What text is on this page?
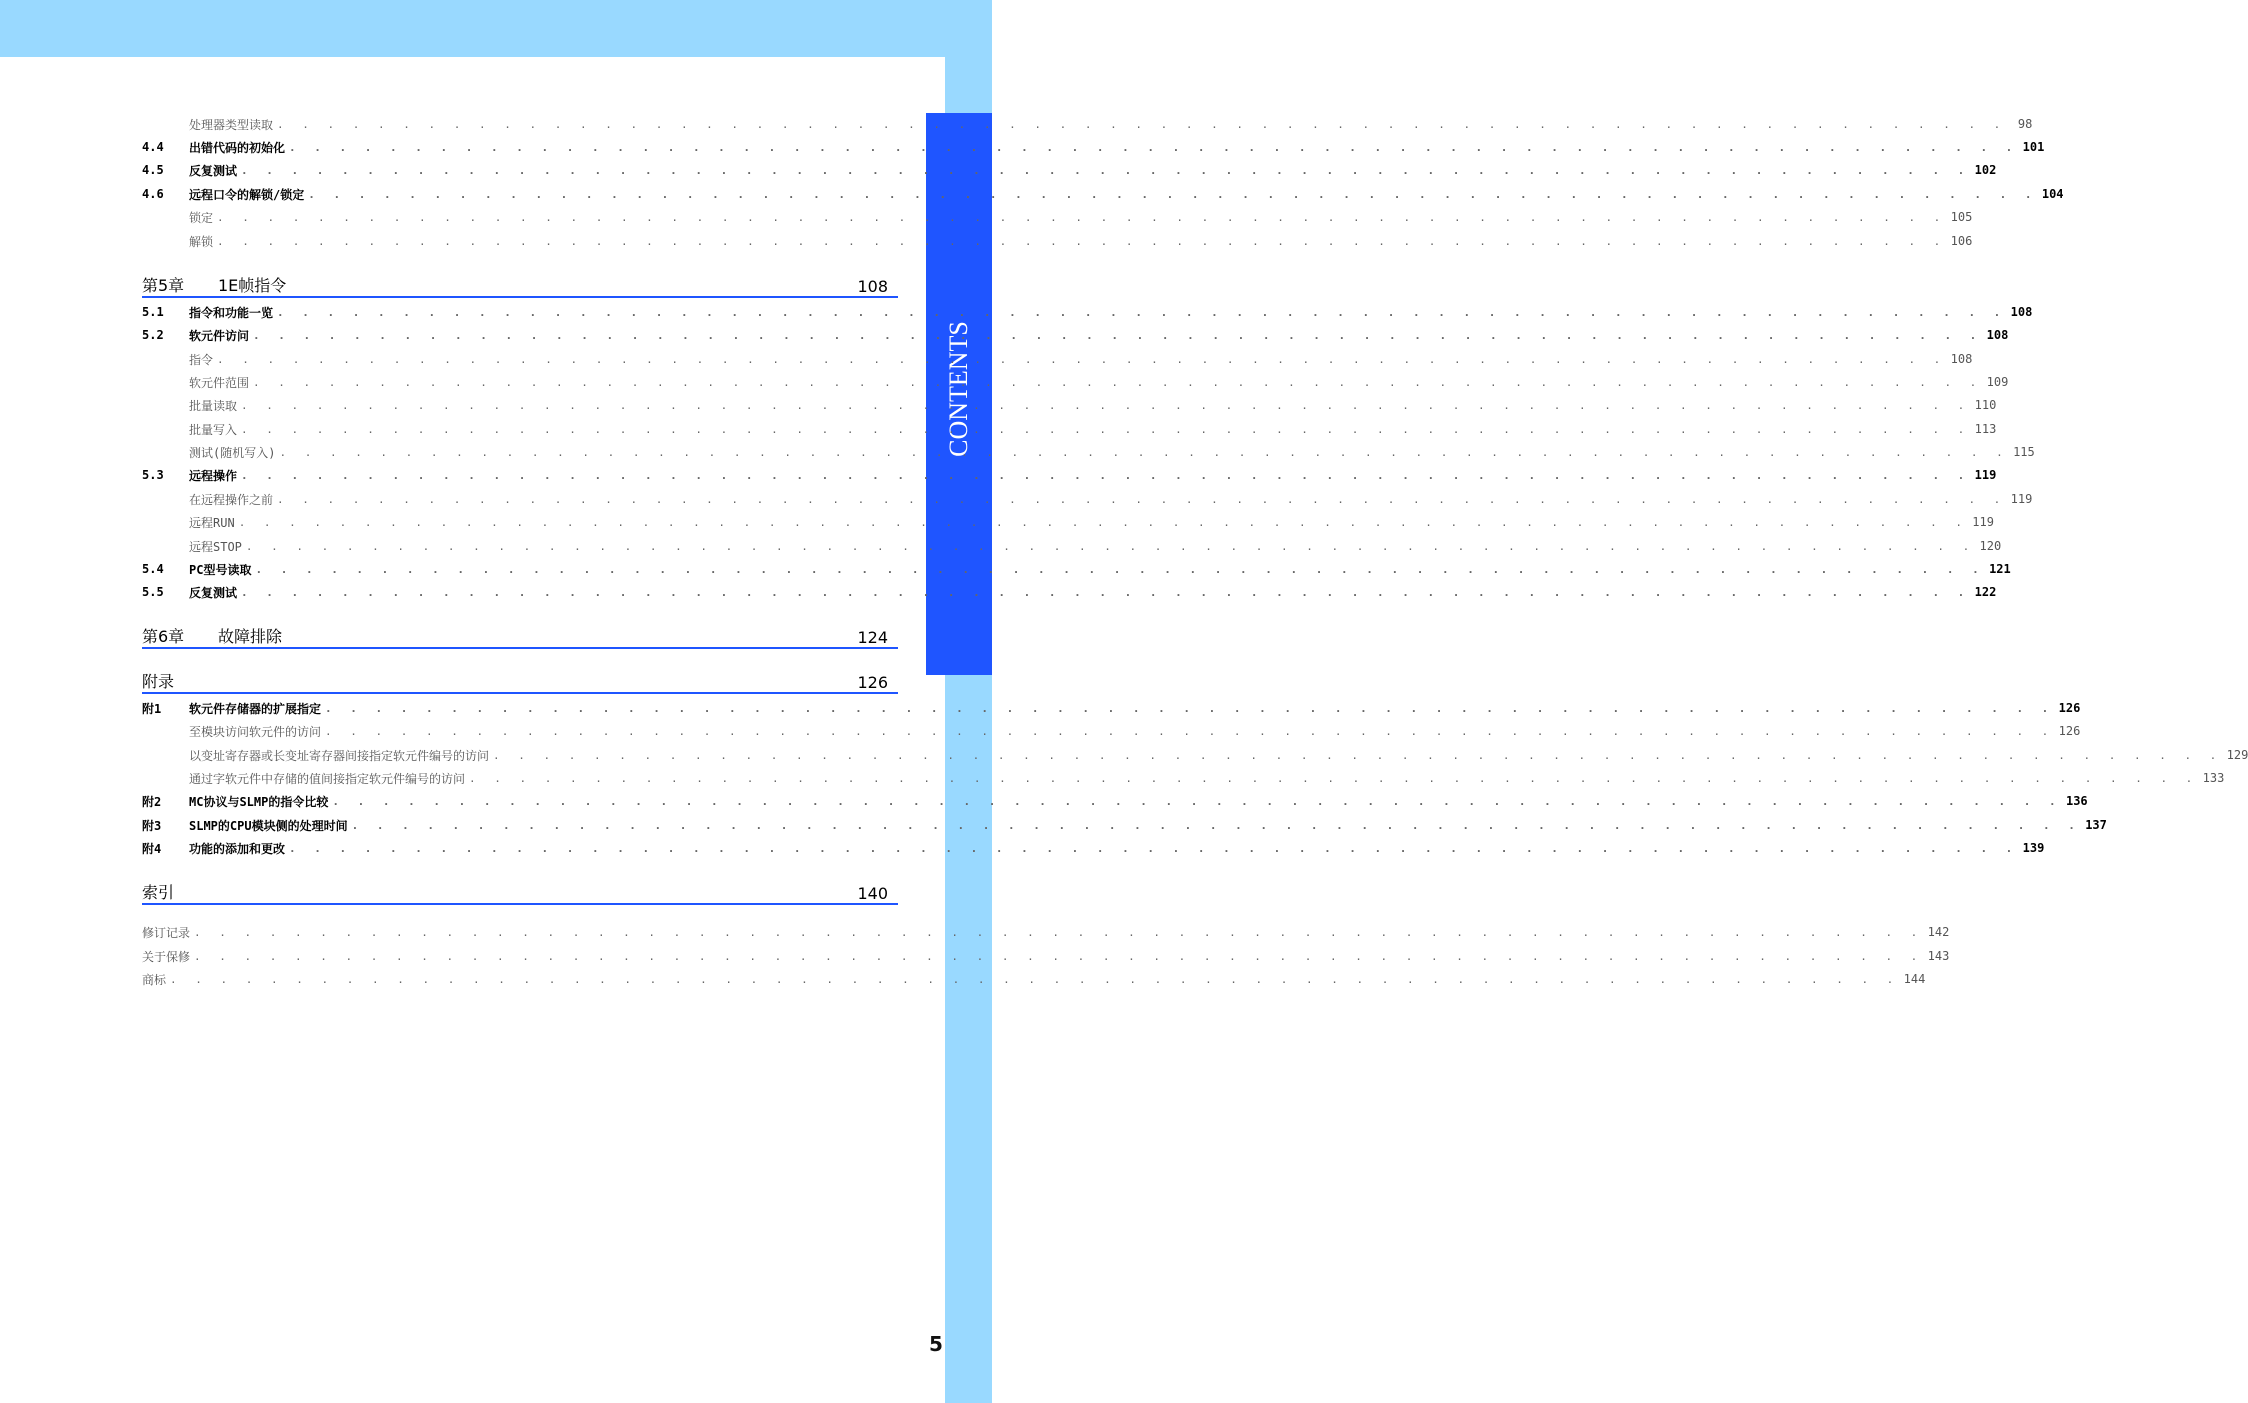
CONTENTS
处理器类型读取 . . . . . . . . . . . . . . . . . . . . . . . . . . . . . . . . . . . . . . . . . . . . . . . . . . . . . . . . . . . . . . . . . . . . . 98
4.4	出错代码的初始化 . . . . . . . . . . . . . . . . . . . . . . . . . . . . . . . . . . . . . . . . . . . . . . . . . . . . . . . . . . . . . . . . . . . . . 101
4.5	反复测试 . . . . . . . . . . . . . . . . . . . . . . . . . . . . . . . . . . . . . . . . . . . . . . . . . . . . . . . . . . . . . . . . . . . . . 102
4.6	远程口令的解锁/锁定 . . . . . . . . . . . . . . . . . . . . . . . . . . . . . . . . . . . . . . . . . . . . . . . . . . . . . . . . . . . . . . . . . . . . . 104
锁定 . . . . . . . . . . . . . . . . . . . . . . . . . . . . . . . . . . . . . . . . . . . . . . . . . . . . . . . . . . . . . . . . . . . . . 105
解锁 . . . . . . . . . . . . . . . . . . . . . . . . . . . . . . . . . . . . . . . . . . . . . . . . . . . . . . . . . . . . . . . . . . . . . 106
第5章	1E帧指令	108
5.1	指令和功能一览 . . . . . . . . . . . . . . . . . . . . . . . . . . . . . . . . . . . . . . . . . . . . . . . . . . . . . . . . . . . . . . . . . . . . . 108
5.2	软元件访问 . . . . . . . . . . . . . . . . . . . . . . . . . . . . . . . . . . . . . . . . . . . . . . . . . . . . . . . . . . . . . . . . . . . . . 108
指令 . . . . . . . . . . . . . . . . . . . . . . . . . . . . . . . . . . . . . . . . . . . . . . . . . . . . . . . . . . . . . . . . . . . . . 108
软元件范围 . . . . . . . . . . . . . . . . . . . . . . . . . . . . . . . . . . . . . . . . . . . . . . . . . . . . . . . . . . . . . . . . . . . . . 109
批量读取 . . . . . . . . . . . . . . . . . . . . . . . . . . . . . . . . . . . . . . . . . . . . . . . . . . . . . . . . . . . . . . . . . . . . . 110
批量写入 . . . . . . . . . . . . . . . . . . . . . . . . . . . . . . . . . . . . . . . . . . . . . . . . . . . . . . . . . . . . . . . . . . . . . 113
测试(随机写入) . . . . . . . . . . . . . . . . . . . . . . . . . . . . . . . . . . . . . . . . . . . . . . . . . . . . . . . . . . . . . . . . . . . . . 115
5.3	远程操作 . . . . . . . . . . . . . . . . . . . . . . . . . . . . . . . . . . . . . . . . . . . . . . . . . . . . . . . . . . . . . . . . . . . . . 119
在远程操作之前 . . . . . . . . . . . . . . . . . . . . . . . . . . . . . . . . . . . . . . . . . . . . . . . . . . . . . . . . . . . . . . . . . . . . . 119
远程RUN . . . . . . . . . . . . . . . . . . . . . . . . . . . . . . . . . . . . . . . . . . . . . . . . . . . . . . . . . . . . . . . . . . . . . 119
远程STOP . . . . . . . . . . . . . . . . . . . . . . . . . . . . . . . . . . . . . . . . . . . . . . . . . . . . . . . . . . . . . . . . . . . . . 120
5.4	PC型号读取 . . . . . . . . . . . . . . . . . . . . . . . . . . . . . . . . . . . . . . . . . . . . . . . . . . . . . . . . . . . . . . . . . . . . . 121
5.5	反复测试 . . . . . . . . . . . . . . . . . . . . . . . . . . . . . . . . . . . . . . . . . . . . . . . . . . . . . . . . . . . . . . . . . . . . . 122
第6章	故障排除	124
附录	126
附1	软元件存储器的扩展指定 . . . . . . . . . . . . . . . . . . . . . . . . . . . . . . . . . . . . . . . . . . . . . . . . . . . . . . . . . . . . . . . . . . . . . 126
至模块访问软元件的访问 . . . . . . . . . . . . . . . . . . . . . . . . . . . . . . . . . . . . . . . . . . . . . . . . . . . . . . . . . . . . . . . . . . . . . 126
以变址寄存器或长变址寄存器间接指定软元件编号的访问 . . . . . . . . . . . . . . . . . . . . . . . . . . . . . . . . . . . . . . . . . . . . . . . . . . . . . . . . . . . . . . . . . . . . . 129
通过字软元件中存储的值间接指定软元件编号的访问 . . . . . . . . . . . . . . . . . . . . . . . . . . . . . . . . . . . . . . . . . . . . . . . . . . . . . . . . . . . . . . . . . . . . . 133
附2	MC协议与SLMP的指令比较 . . . . . . . . . . . . . . . . . . . . . . . . . . . . . . . . . . . . . . . . . . . . . . . . . . . . . . . . . . . . . . . . . . . . . 136
附3	SLMP的CPU模块侧的处理时间 . . . . . . . . . . . . . . . . . . . . . . . . . . . . . . . . . . . . . . . . . . . . . . . . . . . . . . . . . . . . . . . . . . . . . 137
附4	功能的添加和更改 . . . . . . . . . . . . . . . . . . . . . . . . . . . . . . . . . . . . . . . . . . . . . . . . . . . . . . . . . . . . . . . . . . . . . 139
索引	140
修订记录 . . . . . . . . . . . . . . . . . . . . . . . . . . . . . . . . . . . . . . . . . . . . . . . . . . . . . . . . . . . . . . . . . . . . . 142
关于保修 . . . . . . . . . . . . . . . . . . . . . . . . . . . . . . . . . . . . . . . . . . . . . . . . . . . . . . . . . . . . . . . . . . . . . 143
商标 . . . . . . . . . . . . . . . . . . . . . . . . . . . . . . . . . . . . . . . . . . . . . . . . . . . . . . . . . . . . . . . . . . . . . 144
5
